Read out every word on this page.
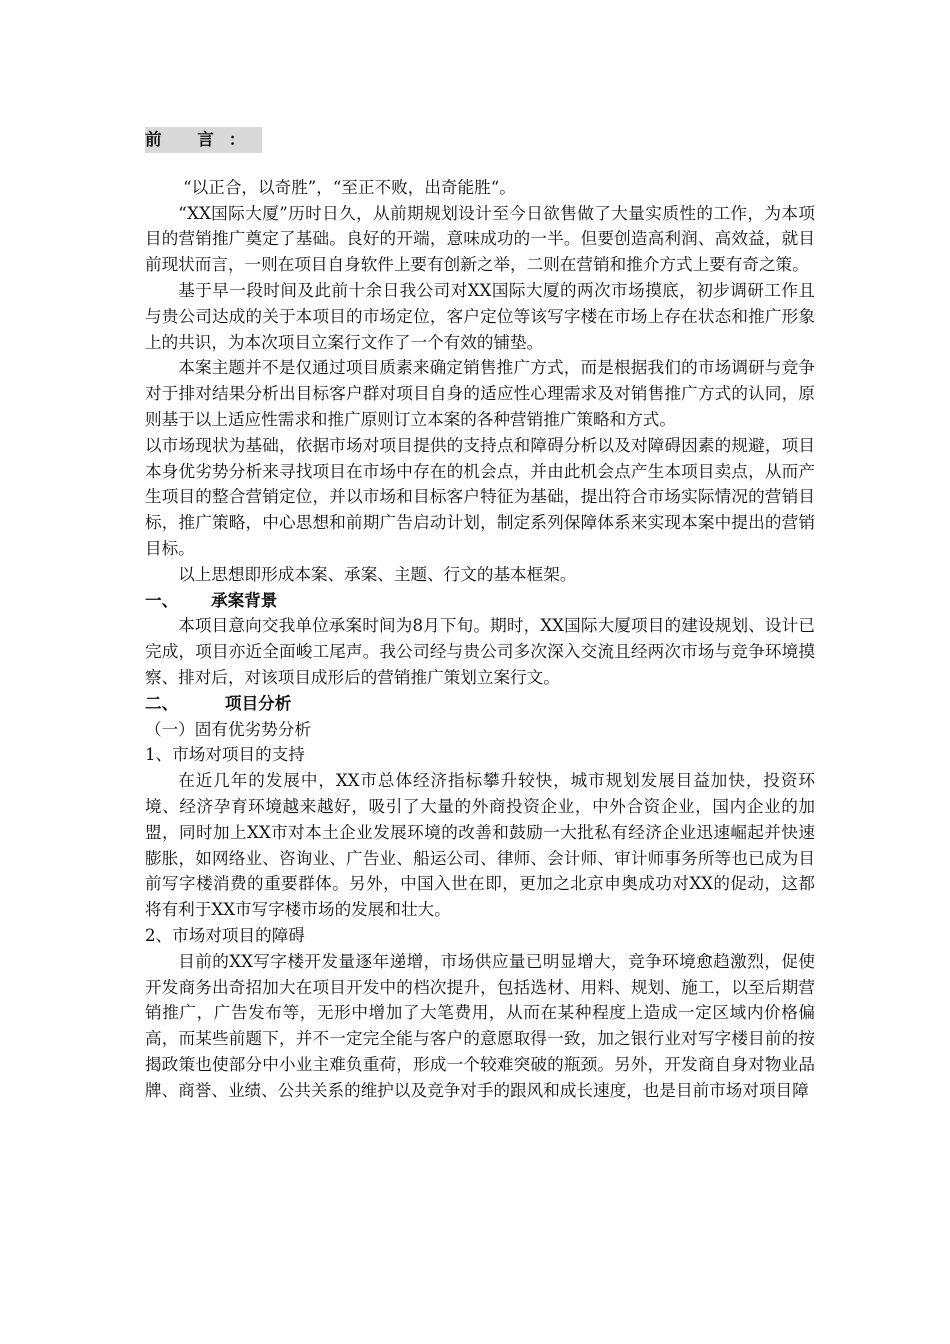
前 言：

“以正合，以奇胜”，“至正不败，出奇能胜“。

“XX国际大厦”历时日久，从前期规划设计至今日欲售做了大量实质性的工作，为本项目的营销推广奠定了基础。良好的开端，意味成功的一半。但要创造高利润、高效益，就目前现状而言，一则在项目自身软件上要有创新之举，二则在营销和推介方式上要有奇之策。

基于早一段时间及此前十余日我公司对XX国际大厦的两次市场摸底，初步调研工作且与贵公司达成的关于本项目的市场定位，客户定位等该写字楼在市场上存在状态和推广形象上的共识，为本次项目立案行文作了一个有效的铺垫。

本案主题并不是仅通过项目质素来确定销售推广方式，而是根据我们的市场调研与竞争对于排对结果分析出目标客户群对项目自身的适应性心理需求及对销售推广方式的认同，原则基于以上适应性需求和推广原则订立本案的各种营销推广策略和方式。

以市场现状为基础，依据市场对项目提供的支持点和障碍分析以及对障碍因素的规避，项目本身优劣势分析来寻找项目在市场中存在的机会点，并由此机会点产生本项目卖点，从而产生项目的整合营销定位，并以市场和目标客户特征为基础，提出符合市场实际情况的营销目标，推广策略，中心思想和前期广告启动计划，制定系列保障体系来实现本案中提出的营销目标。

以上思想即形成本案、承案、主题、行文的基本框架。

一、 承案背景

本项目意向交我单位承案时间为8月下旬。期时，XX国际大厦项目的建设规划、设计已完成，项目亦近全面峻工尾声。我公司经与贵公司多次深入交流且经两次市场与竞争环境摸察、排对后，对该项目成形后的营销推广策划立案行文。

二、	项目分析

（一）固有优劣势分析

1、市场对项目的支持

在近几年的发展中，XX市总体经济指标攀升较快，城市规划发展目益加快，投资环境、经济孕育环境越来越好，吸引了大量的外商投资企业，中外合资企业，国内企业的加盟，同时加上XX市对本土企业发展环境的改善和鼓励一大批私有经济企业迅速崛起并快速膨胀，如网络业、咨询业、广告业、船运公司、律师、会计师、审计师事务所等也已成为目前写字楼消费的重要群体。另外，中国入世在即，更加之北京申奥成功对XX的促动，这都将有利于XX市写字楼市场的发展和壮大。

2、市场对项目的障碍

目前的XX写字楼开发量逐年递增，市场供应量已明显增大，竞争环境愈趋激烈，促使开发商务出奇招加大在项目开发中的档次提升，包括选材、用料、规划、施工，以至后期营销推广，广告发布等，无形中增加了大笔费用，从而在某种程度上造成一定区域内价格偏高，而某些前题下，并不一定完全能与客户的意愿取得一致，加之银行业对写字楼目前的按揭政策也使部分中小业主难负重荷，形成一个较难突破的瓶颈。另外，开发商自身对物业品牌、商誉、业绩、公共关系的维护以及竞争对手的跟风和成长速度，也是目前市场对项目障
